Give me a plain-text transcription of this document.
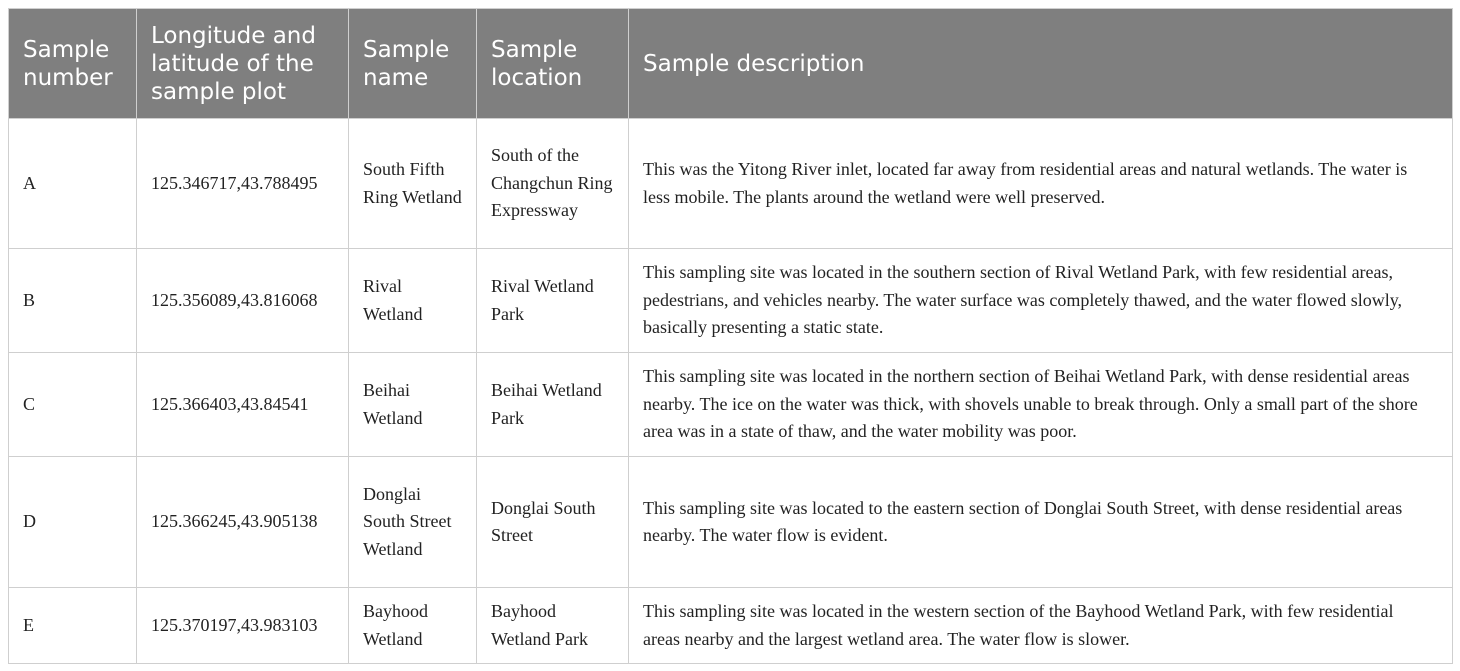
Sample number	Longitude and latitude of the sample plot	Sample name	Sample location	Sample description
A	125.346717,43.788495	South Fifth Ring Wetland	South of the Changchun Ring Expressway	This was the Yitong River inlet, located far away from residential areas and natural wetlands. The water is less mobile. The plants around the wetland were well preserved.
B	125.356089,43.816068	Rival Wetland	Rival Wetland Park	This sampling site was located in the southern section of Rival Wetland Park, with few residential areas, pedestrians, and vehicles nearby. The water surface was completely thawed, and the water flowed slowly, basically presenting a static state.
C	125.366403,43.84541	Beihai Wetland	Beihai Wetland Park	This sampling site was located in the northern section of Beihai Wetland Park, with dense residential areas nearby. The ice on the water was thick, with shovels unable to break through. Only a small part of the shore area was in a state of thaw, and the water mobility was poor.
D	125.366245,43.905138	Donglai South Street Wetland	Donglai South Street	This sampling site was located to the eastern section of Donglai South Street, with dense residential areas nearby. The water flow is evident.
E	125.370197,43.983103	Bayhood Wetland	Bayhood Wetland Park	This sampling site was located in the western section of the Bayhood Wetland Park, with few residential areas nearby and the largest wetland area. The water flow is slower.
